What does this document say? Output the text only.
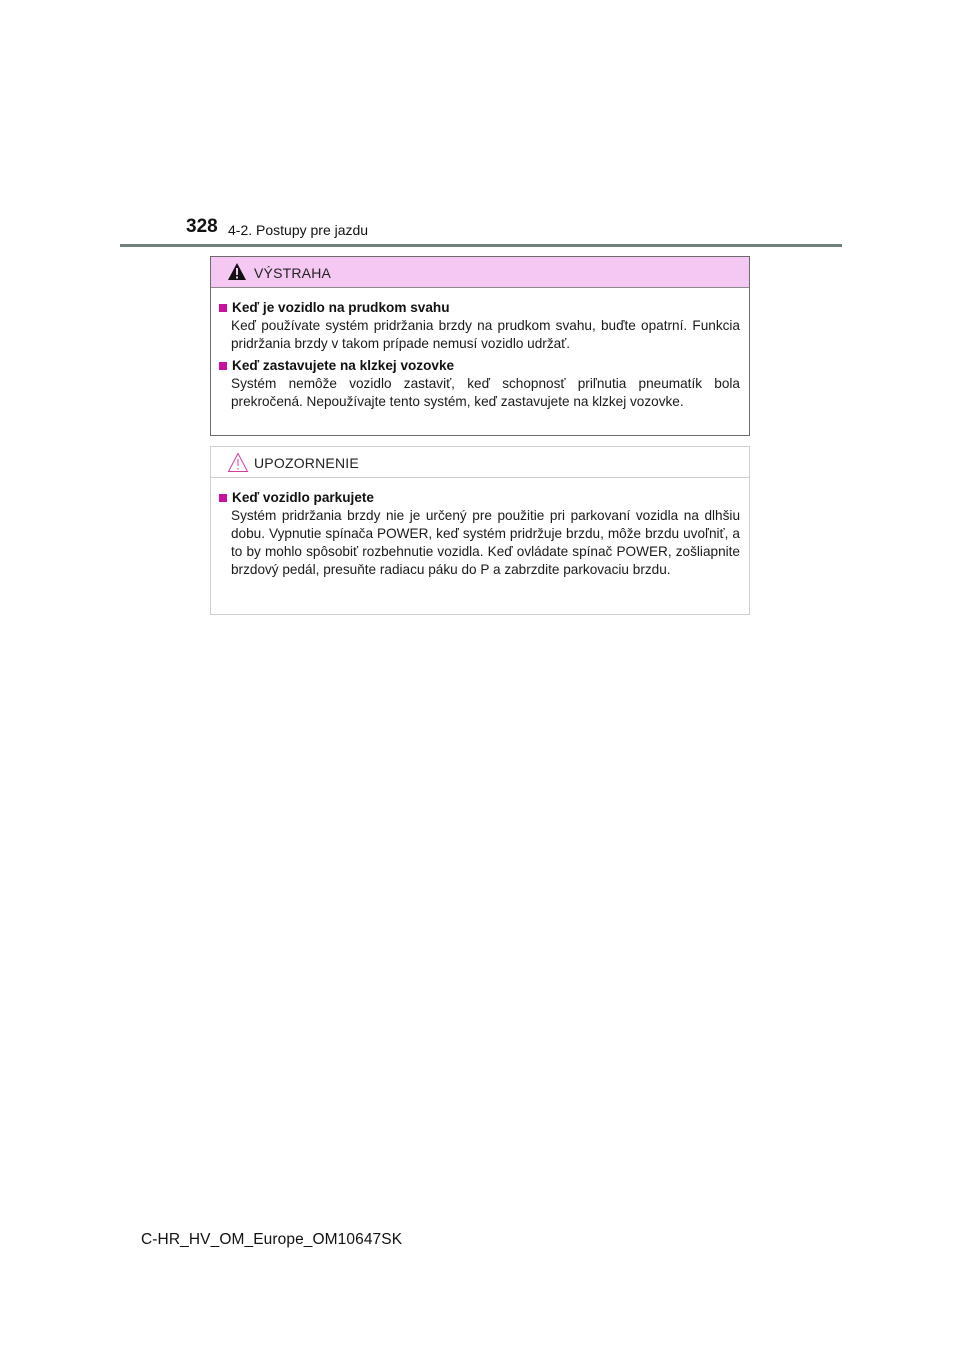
328 4-2. Postupy pre jazdu
VÝSTRAHA
Keď je vozidlo na prudkom svahu
Keď používate systém pridržania brzdy na prudkom svahu, buďte opatrní. Funkcia pridržania brzdy v takom prípade nemusí vozidlo udržať.
Keď zastavujete na klzkej vozovke
Systém nemôže vozidlo zastaviť, keď schopnosť priľnutia pneumatík bola prekročená. Nepoužívajte tento systém, keď zastavujete na klzkej vozovke.
UPOZORNENIE
Keď vozidlo parkujete
Systém pridržania brzdy nie je určený pre použitie pri parkovaní vozidla na dlhšiu dobu. Vypnutie spínača POWER, keď systém pridržuje brzdu, môže brzdu uvoľniť, a to by mohlo spôsobiť rozbehnutie vozidla. Keď ovládate spínač POWER, zošliapnite brzdový pedál, presuňte radiacu páku do P a zabrzdite parkovaciu brzdu.
C-HR_HV_OM_Europe_OM10647SK
